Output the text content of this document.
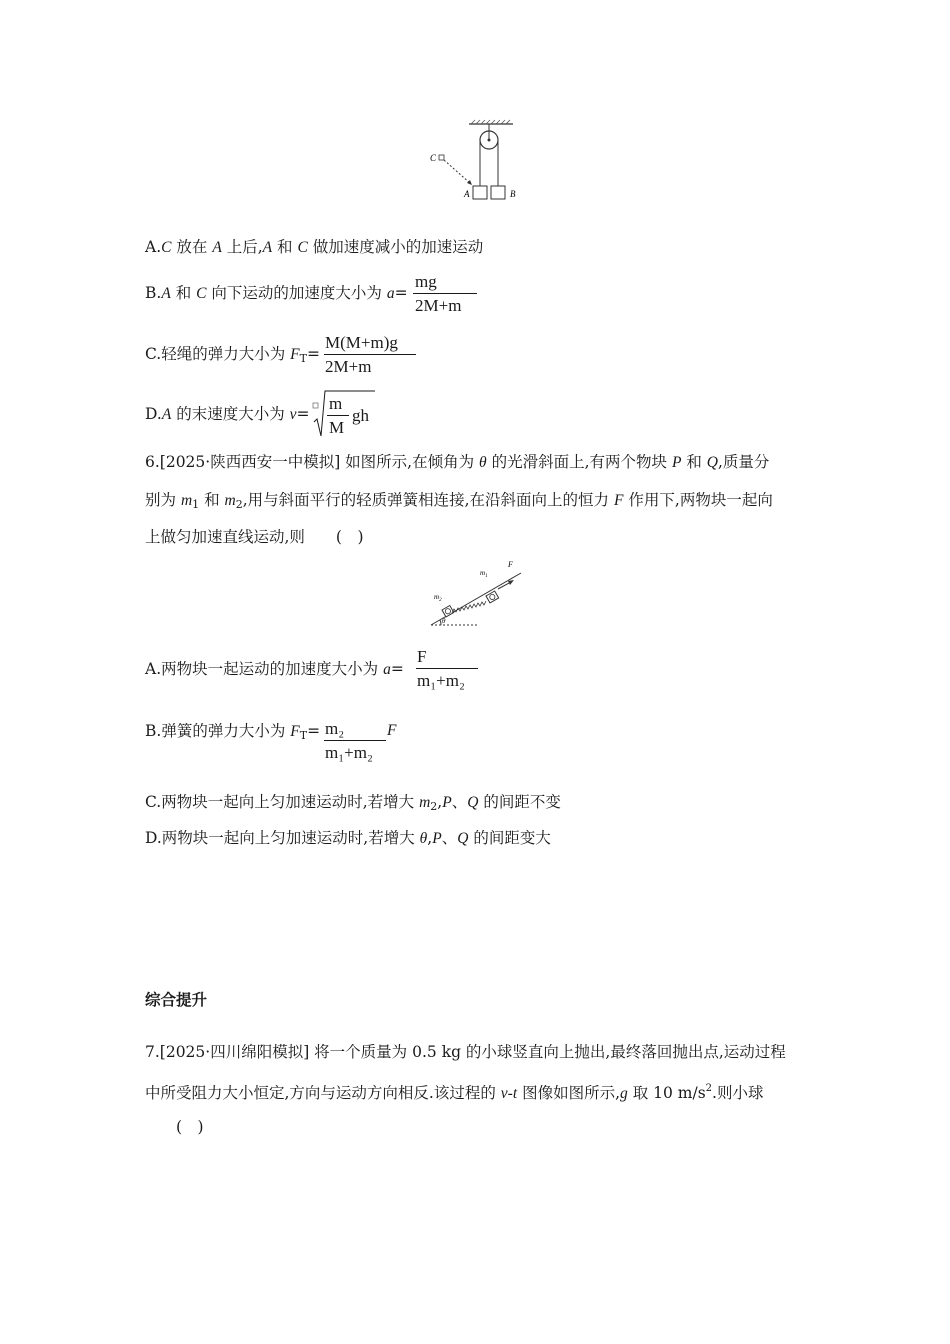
C
A	B
A.C 放在 A 上后,A 和 C 做加速度减小的加速运动
B.A 和 C 向下运动的加速度大小为 a=
mg
2M+m
C.轻绳的弹力大小为 $F_T=$
M(M+m)g
2M+m
D.A 的末速度大小为 v=
m
M
gh
6.[2025·陕西西安一中模拟] 如图所示,在倾角为 θ 的光滑斜面上,有两个物块 P 和 Q,质量分
别为 $m_1$ 和 $m_2$,用与斜面平行的轻质弹簧相连接,在沿斜面向上的恒力 F 作用下,两物块一起向
上做匀加速直线运动,则　　(　)
$m_1$
$m_2$
F
θ
A.两物块一起运动的加速度大小为 a=
F
m₁+m₂
B.弹簧的弹力大小为 $F_T= m_2$
m₁+m₂
F
C.两物块一起向上匀加速运动时,若增大 $m_2,P$、Q 的间距不变
D.两物块一起向上匀加速运动时,若增大 θ,P、Q 的间距变大
综合提升
7.[2025·四川绵阳模拟] 将一个质量为 0.5 kg 的小球竖直向上抛出,最终落回抛出点,运动过程
中所受阻力大小恒定,方向与运动方向相反.该过程的 v-t 图像如图所示,g 取 10 $m/s^2$.则小球
(　)
